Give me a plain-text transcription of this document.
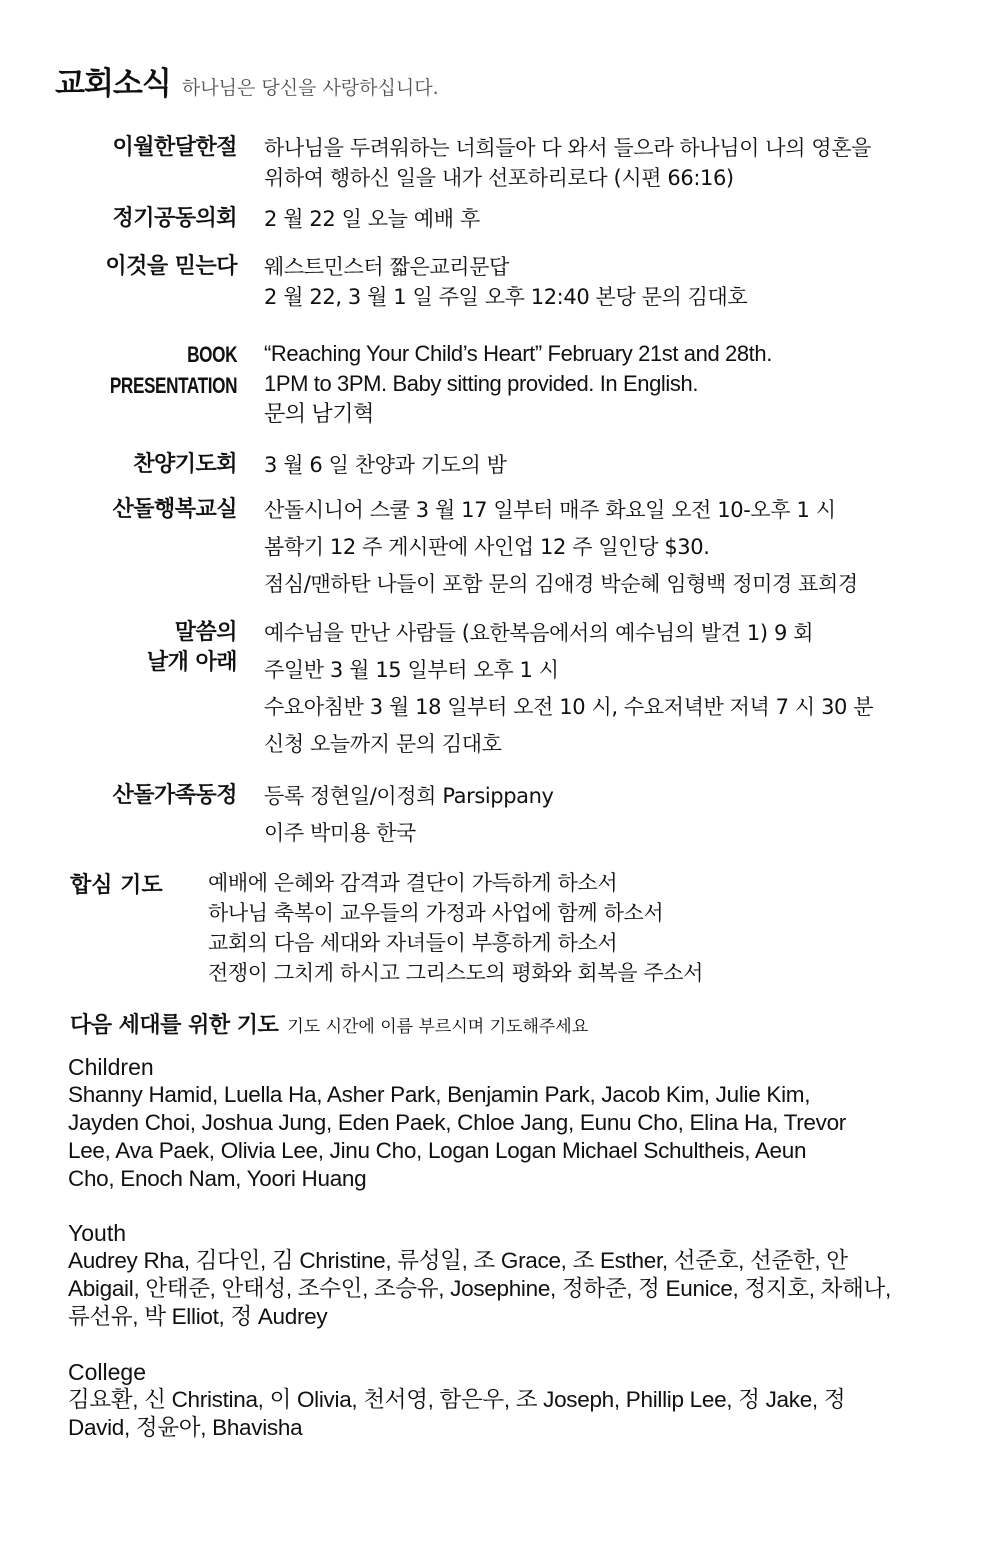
교회소식 하나님은 당신을 사랑하십니다.
이월한달한절 하나님을 두려워하는 너희들아 다 와서 들으라 하나님이 나의 영혼을
위하여 행하신 일을 내가 선포하리로다 (시편 66:16)
정기공동의회 2 월 22 일 오늘 예배 후
이것을 믿는다 웨스트민스터 짧은교리문답
2 월 22, 3 월 1 일 주일 오후 12:40 본당 문의 김대호
BOOK
PRESENTATION
“Reaching Your Child’s Heart” February 21st and 28th.
1PM to 3PM. Baby sitting provided. In English.
문의 남기혁
찬양기도회 3 월 6 일 찬양과 기도의 밤
산돌행복교실 산돌시니어 스쿨 3 월 17 일부터 매주 화요일 오전 10-오후 1 시
봄학기 12 주 게시판에 사인업 12 주 일인당 $30.
점심/맨하탄 나들이 포함 문의 김애경 박순혜 임형백 정미경 표희경
말씀의
날개 아래
예수님을 만난 사람들 (요한복음에서의 예수님의 발견 1) 9 회
주일반 3 월 15 일부터 오후 1 시
수요아침반 3 월 18 일부터 오전 10 시, 수요저녁반 저녁 7 시 30 분
신청 오늘까지 문의 김대호
산돌가족동정 등록 정현일/이정희 Parsippany
이주 박미용 한국
합심 기도 예배에 은혜와 감격과 결단이 가득하게 하소서
하나님 축복이 교우들의 가정과 사업에 함께 하소서
교회의 다음 세대와 자녀들이 부흥하게 하소서
전쟁이 그치게 하시고 그리스도의 평화와 회복을 주소서
다음 세대를 위한 기도 기도 시간에 이름 부르시며 기도해주세요
Children
Shanny Hamid, Luella Ha, Asher Park, Benjamin Park, Jacob Kim, Julie Kim,
Jayden Choi, Joshua Jung, Eden Paek, Chloe Jang, Eunu Cho, Elina Ha, Trevor
Lee, Ava Paek, Olivia Lee, Jinu Cho, Logan Logan Michael Schultheis, Aeun
Cho, Enoch Nam, Yoori Huang
Youth
Audrey Rha, 김다인, 김 Christine, 류성일, 조 Grace, 조 Esther, 선준호, 선준한, 안
Abigail, 안태준, 안태성, 조수인, 조승유, Josephine, 정하준, 정 Eunice, 정지호, 차해나,
류선유, 박 Elliot, 정 Audrey
College
김요환, 신 Christina, 이 Olivia, 천서영, 함은우, 조 Joseph, Phillip Lee, 정 Jake, 정
David, 정윤아, Bhavisha
